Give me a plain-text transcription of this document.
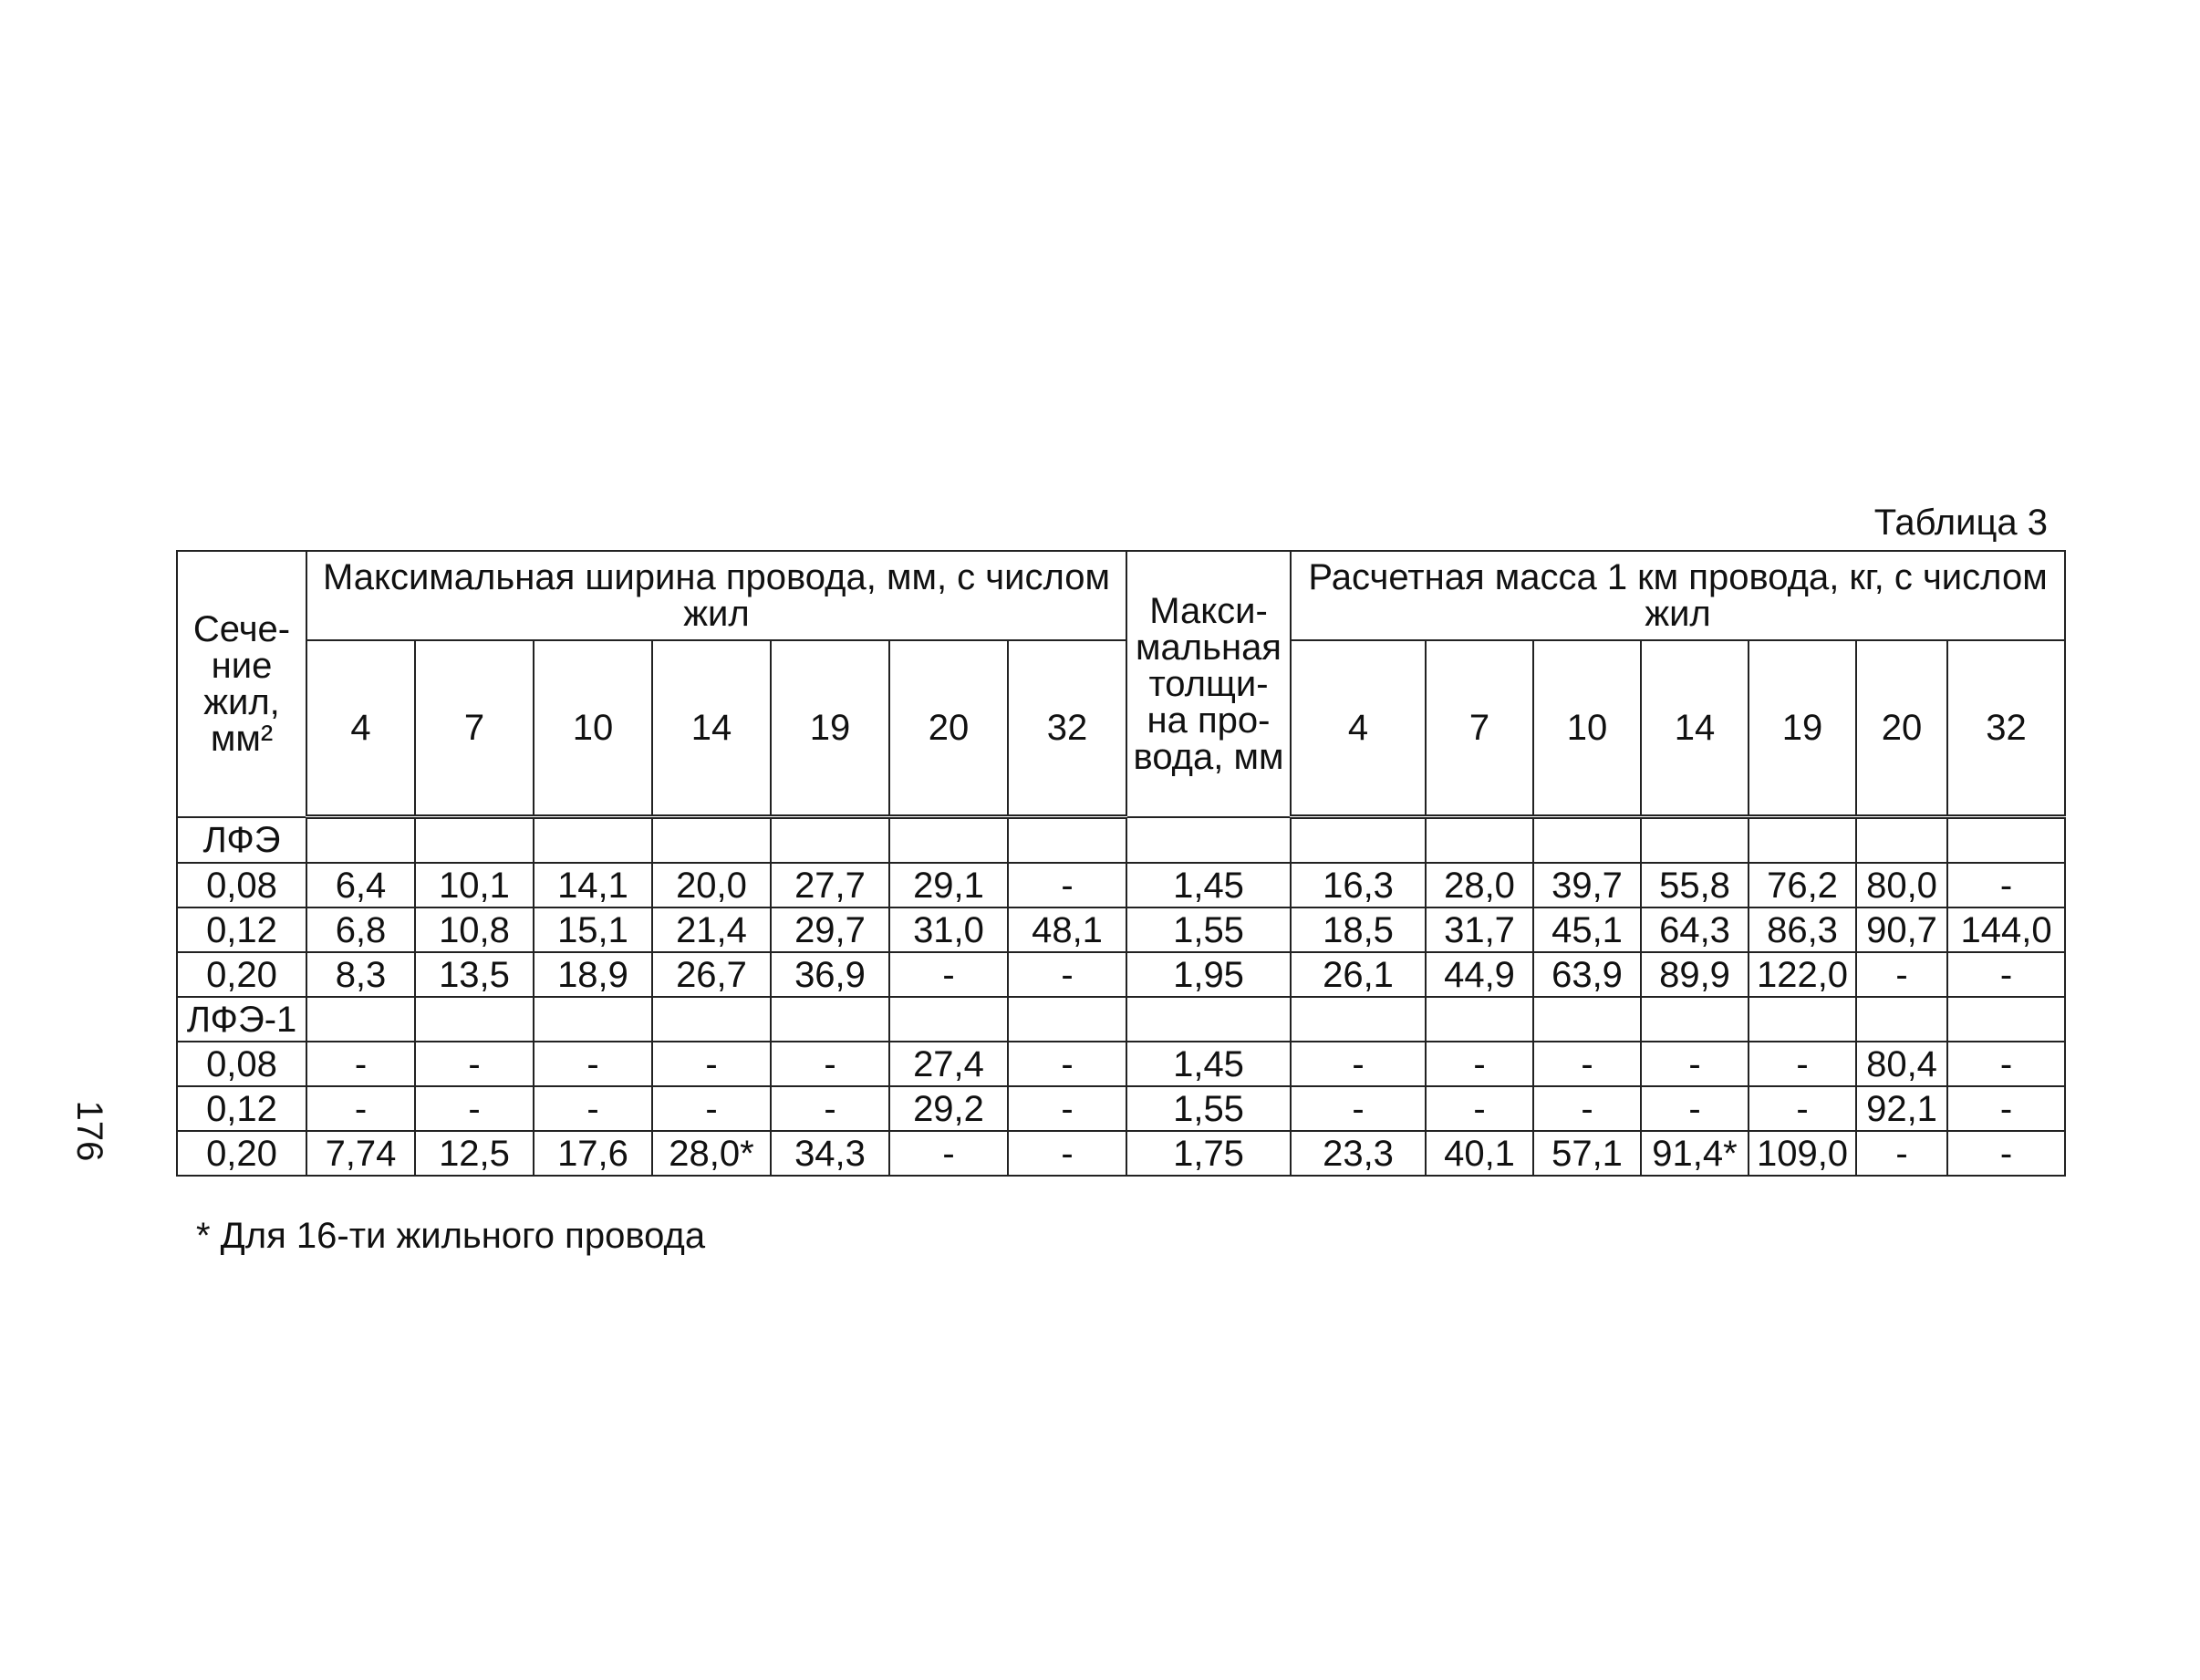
176
Таблица 3
Сече-ние жил, мм²	Максимальная ширина провода, мм, с числом жил							Макси-мальная толщи-на про-вода, мм	Расчетная масса 1 км провода, кг, с числом жил						
	4	7	10	14	19	20	32		4	7	10	14	19	20	32
ЛФЭ															
0,08	6,4	10,1	14,1	20,0	27,7	29,1	-	1,45	16,3	28,0	39,7	55,8	76,2	80,0	-
0,12	6,8	10,8	15,1	21,4	29,7	31,0	48,1	1,55	18,5	31,7	45,1	64,3	86,3	90,7	144,0
0,20	8,3	13,5	18,9	26,7	36,9	-	-	1,95	26,1	44,9	63,9	89,9	122,0	-	-
ЛФЭ-1															
0,08	-	-	-	-	-	27,4	-	1,45	-	-	-	-	-	80,4	-
0,12	-	-	-	-	-	29,2	-	1,55	-	-	-	-	-	92,1	-
0,20	7,74	12,5	17,6	28,0*	34,3	-	-	1,75	23,3	40,1	57,1	91,4*	109,0	-	-
* Для 16-ти жильного провода
